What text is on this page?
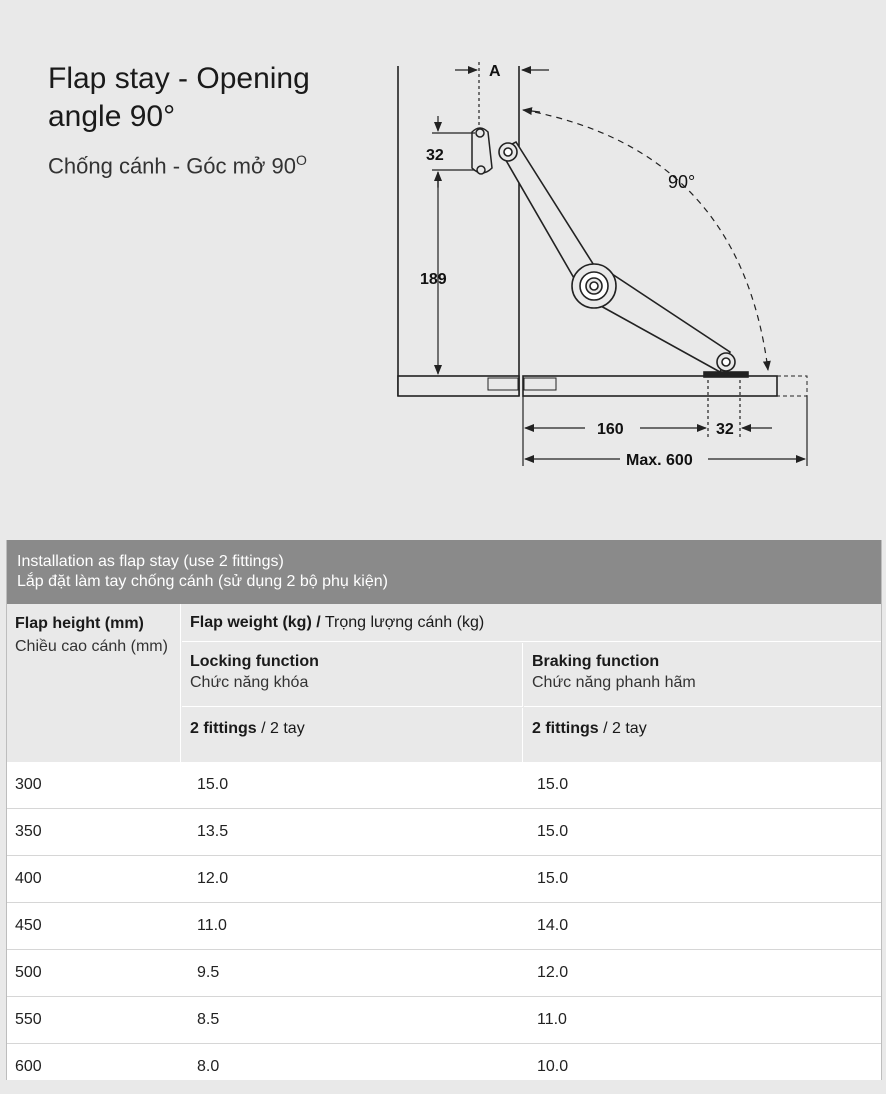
Flap stay - Opening angle 90°
Chống cánh - Góc mở $90^O$
A
32
189
90°
160	32
Max. 600
Installation as flap stay (use 2 fittings)
Lắp đặt làm tay chống cánh (sử dụng 2 bộ phụ kiện)
Flap height (mm)
Chiều cao cánh (mm)
Flap weight (kg) / Trọng lượng cánh (kg)
Locking function
Chức năng khóa
Braking function
Chức năng phanh hãm
2 fittings / 2 tay	2 fittings / 2 tay
300	15.0	15.0
350	13.5	15.0
400	12.0	15.0
450	11.0	14.0
500	9.5	12.0
550	8.5	11.0
600	8.0	10.0
